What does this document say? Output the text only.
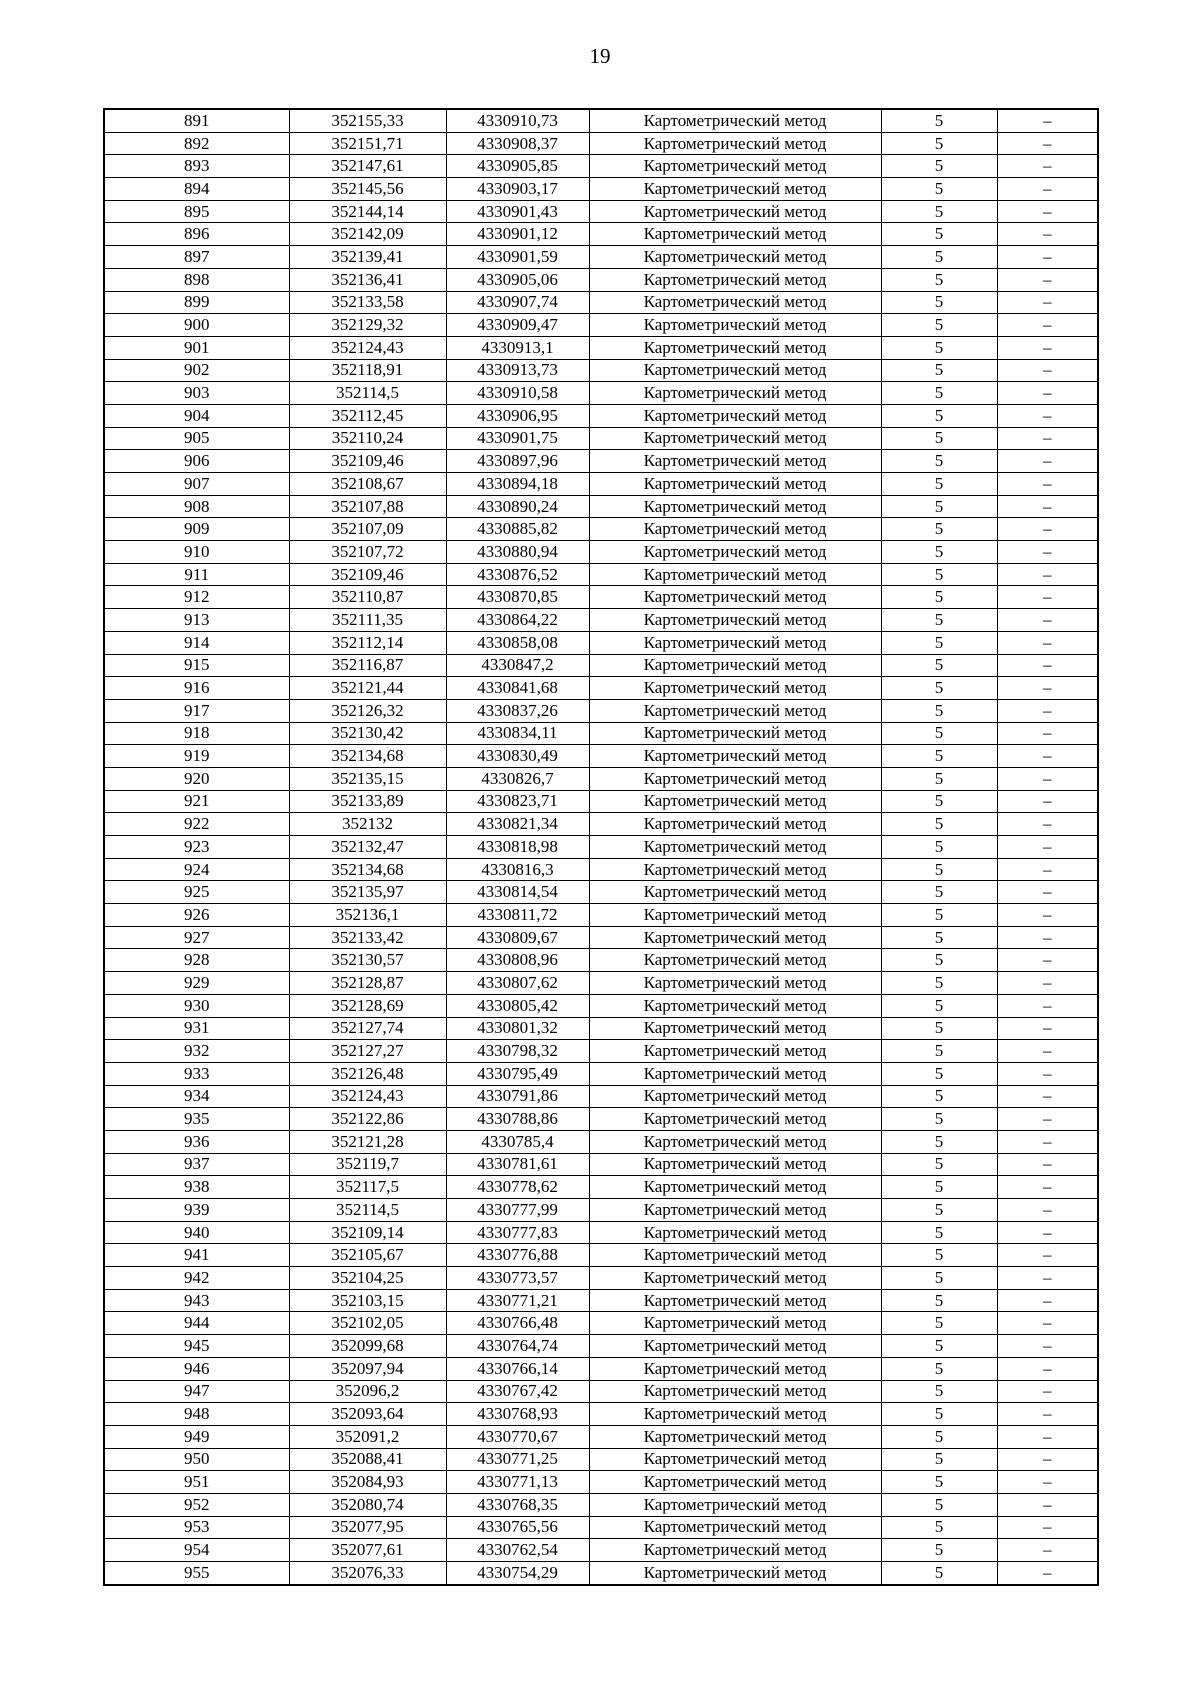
19
891	352155,33	4330910,73	Картометрический метод	5	–
892	352151,71	4330908,37	Картометрический метод	5	–
893	352147,61	4330905,85	Картометрический метод	5	–
894	352145,56	4330903,17	Картометрический метод	5	–
895	352144,14	4330901,43	Картометрический метод	5	–
896	352142,09	4330901,12	Картометрический метод	5	–
897	352139,41	4330901,59	Картометрический метод	5	–
898	352136,41	4330905,06	Картометрический метод	5	–
899	352133,58	4330907,74	Картометрический метод	5	–
900	352129,32	4330909,47	Картометрический метод	5	–
901	352124,43	4330913,1	Картометрический метод	5	–
902	352118,91	4330913,73	Картометрический метод	5	–
903	352114,5	4330910,58	Картометрический метод	5	–
904	352112,45	4330906,95	Картометрический метод	5	–
905	352110,24	4330901,75	Картометрический метод	5	–
906	352109,46	4330897,96	Картометрический метод	5	–
907	352108,67	4330894,18	Картометрический метод	5	–
908	352107,88	4330890,24	Картометрический метод	5	–
909	352107,09	4330885,82	Картометрический метод	5	–
910	352107,72	4330880,94	Картометрический метод	5	–
911	352109,46	4330876,52	Картометрический метод	5	–
912	352110,87	4330870,85	Картометрический метод	5	–
913	352111,35	4330864,22	Картометрический метод	5	–
914	352112,14	4330858,08	Картометрический метод	5	–
915	352116,87	4330847,2	Картометрический метод	5	–
916	352121,44	4330841,68	Картометрический метод	5	–
917	352126,32	4330837,26	Картометрический метод	5	–
918	352130,42	4330834,11	Картометрический метод	5	–
919	352134,68	4330830,49	Картометрический метод	5	–
920	352135,15	4330826,7	Картометрический метод	5	–
921	352133,89	4330823,71	Картометрический метод	5	–
922	352132	4330821,34	Картометрический метод	5	–
923	352132,47	4330818,98	Картометрический метод	5	–
924	352134,68	4330816,3	Картометрический метод	5	–
925	352135,97	4330814,54	Картометрический метод	5	–
926	352136,1	4330811,72	Картометрический метод	5	–
927	352133,42	4330809,67	Картометрический метод	5	–
928	352130,57	4330808,96	Картометрический метод	5	–
929	352128,87	4330807,62	Картометрический метод	5	–
930	352128,69	4330805,42	Картометрический метод	5	–
931	352127,74	4330801,32	Картометрический метод	5	–
932	352127,27	4330798,32	Картометрический метод	5	–
933	352126,48	4330795,49	Картометрический метод	5	–
934	352124,43	4330791,86	Картометрический метод	5	–
935	352122,86	4330788,86	Картометрический метод	5	–
936	352121,28	4330785,4	Картометрический метод	5	–
937	352119,7	4330781,61	Картометрический метод	5	–
938	352117,5	4330778,62	Картометрический метод	5	–
939	352114,5	4330777,99	Картометрический метод	5	–
940	352109,14	4330777,83	Картометрический метод	5	–
941	352105,67	4330776,88	Картометрический метод	5	–
942	352104,25	4330773,57	Картометрический метод	5	–
943	352103,15	4330771,21	Картометрический метод	5	–
944	352102,05	4330766,48	Картометрический метод	5	–
945	352099,68	4330764,74	Картометрический метод	5	–
946	352097,94	4330766,14	Картометрический метод	5	–
947	352096,2	4330767,42	Картометрический метод	5	–
948	352093,64	4330768,93	Картометрический метод	5	–
949	352091,2	4330770,67	Картометрический метод	5	–
950	352088,41	4330771,25	Картометрический метод	5	–
951	352084,93	4330771,13	Картометрический метод	5	–
952	352080,74	4330768,35	Картометрический метод	5	–
953	352077,95	4330765,56	Картометрический метод	5	–
954	352077,61	4330762,54	Картометрический метод	5	–
955	352076,33	4330754,29	Картометрический метод	5	–
